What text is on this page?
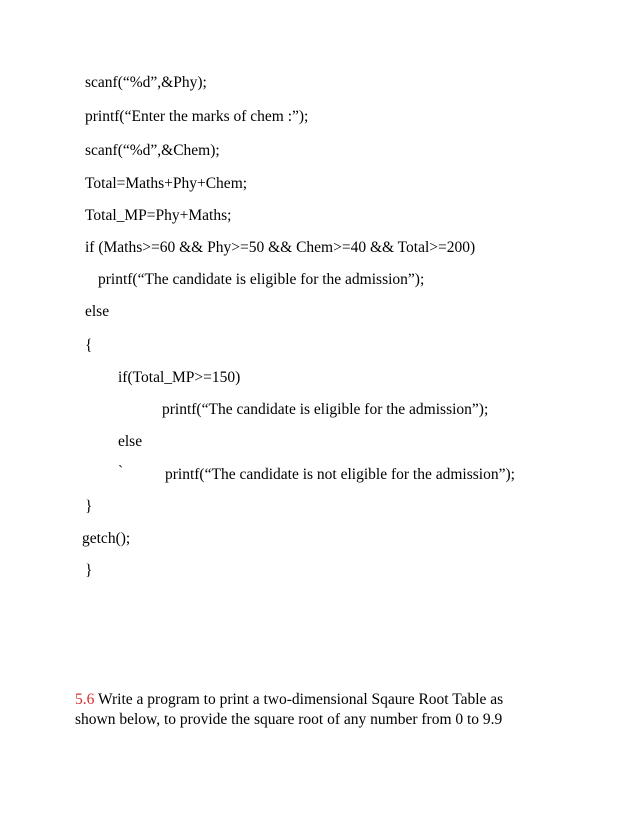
scanf(“%d”,&Phy);
printf(“Enter the marks of chem :”);
scanf(“%d”,&Chem);
Total=Maths+Phy+Chem;
Total_MP=Phy+Maths;
if (Maths>=60 && Phy>=50 && Chem>=40 && Total>=200)
printf(“The candidate is eligible for the admission”);
else
{
if(Total_MP>=150)
printf(“The candidate is eligible for the admission”);
else
`	printf(“The candidate is not eligible for the admission”);
}
getch();
}
5.6 Write a program to print a two-dimensional Sqaure Root Table as shown below, to provide the square root of any number from 0 to 9.9
